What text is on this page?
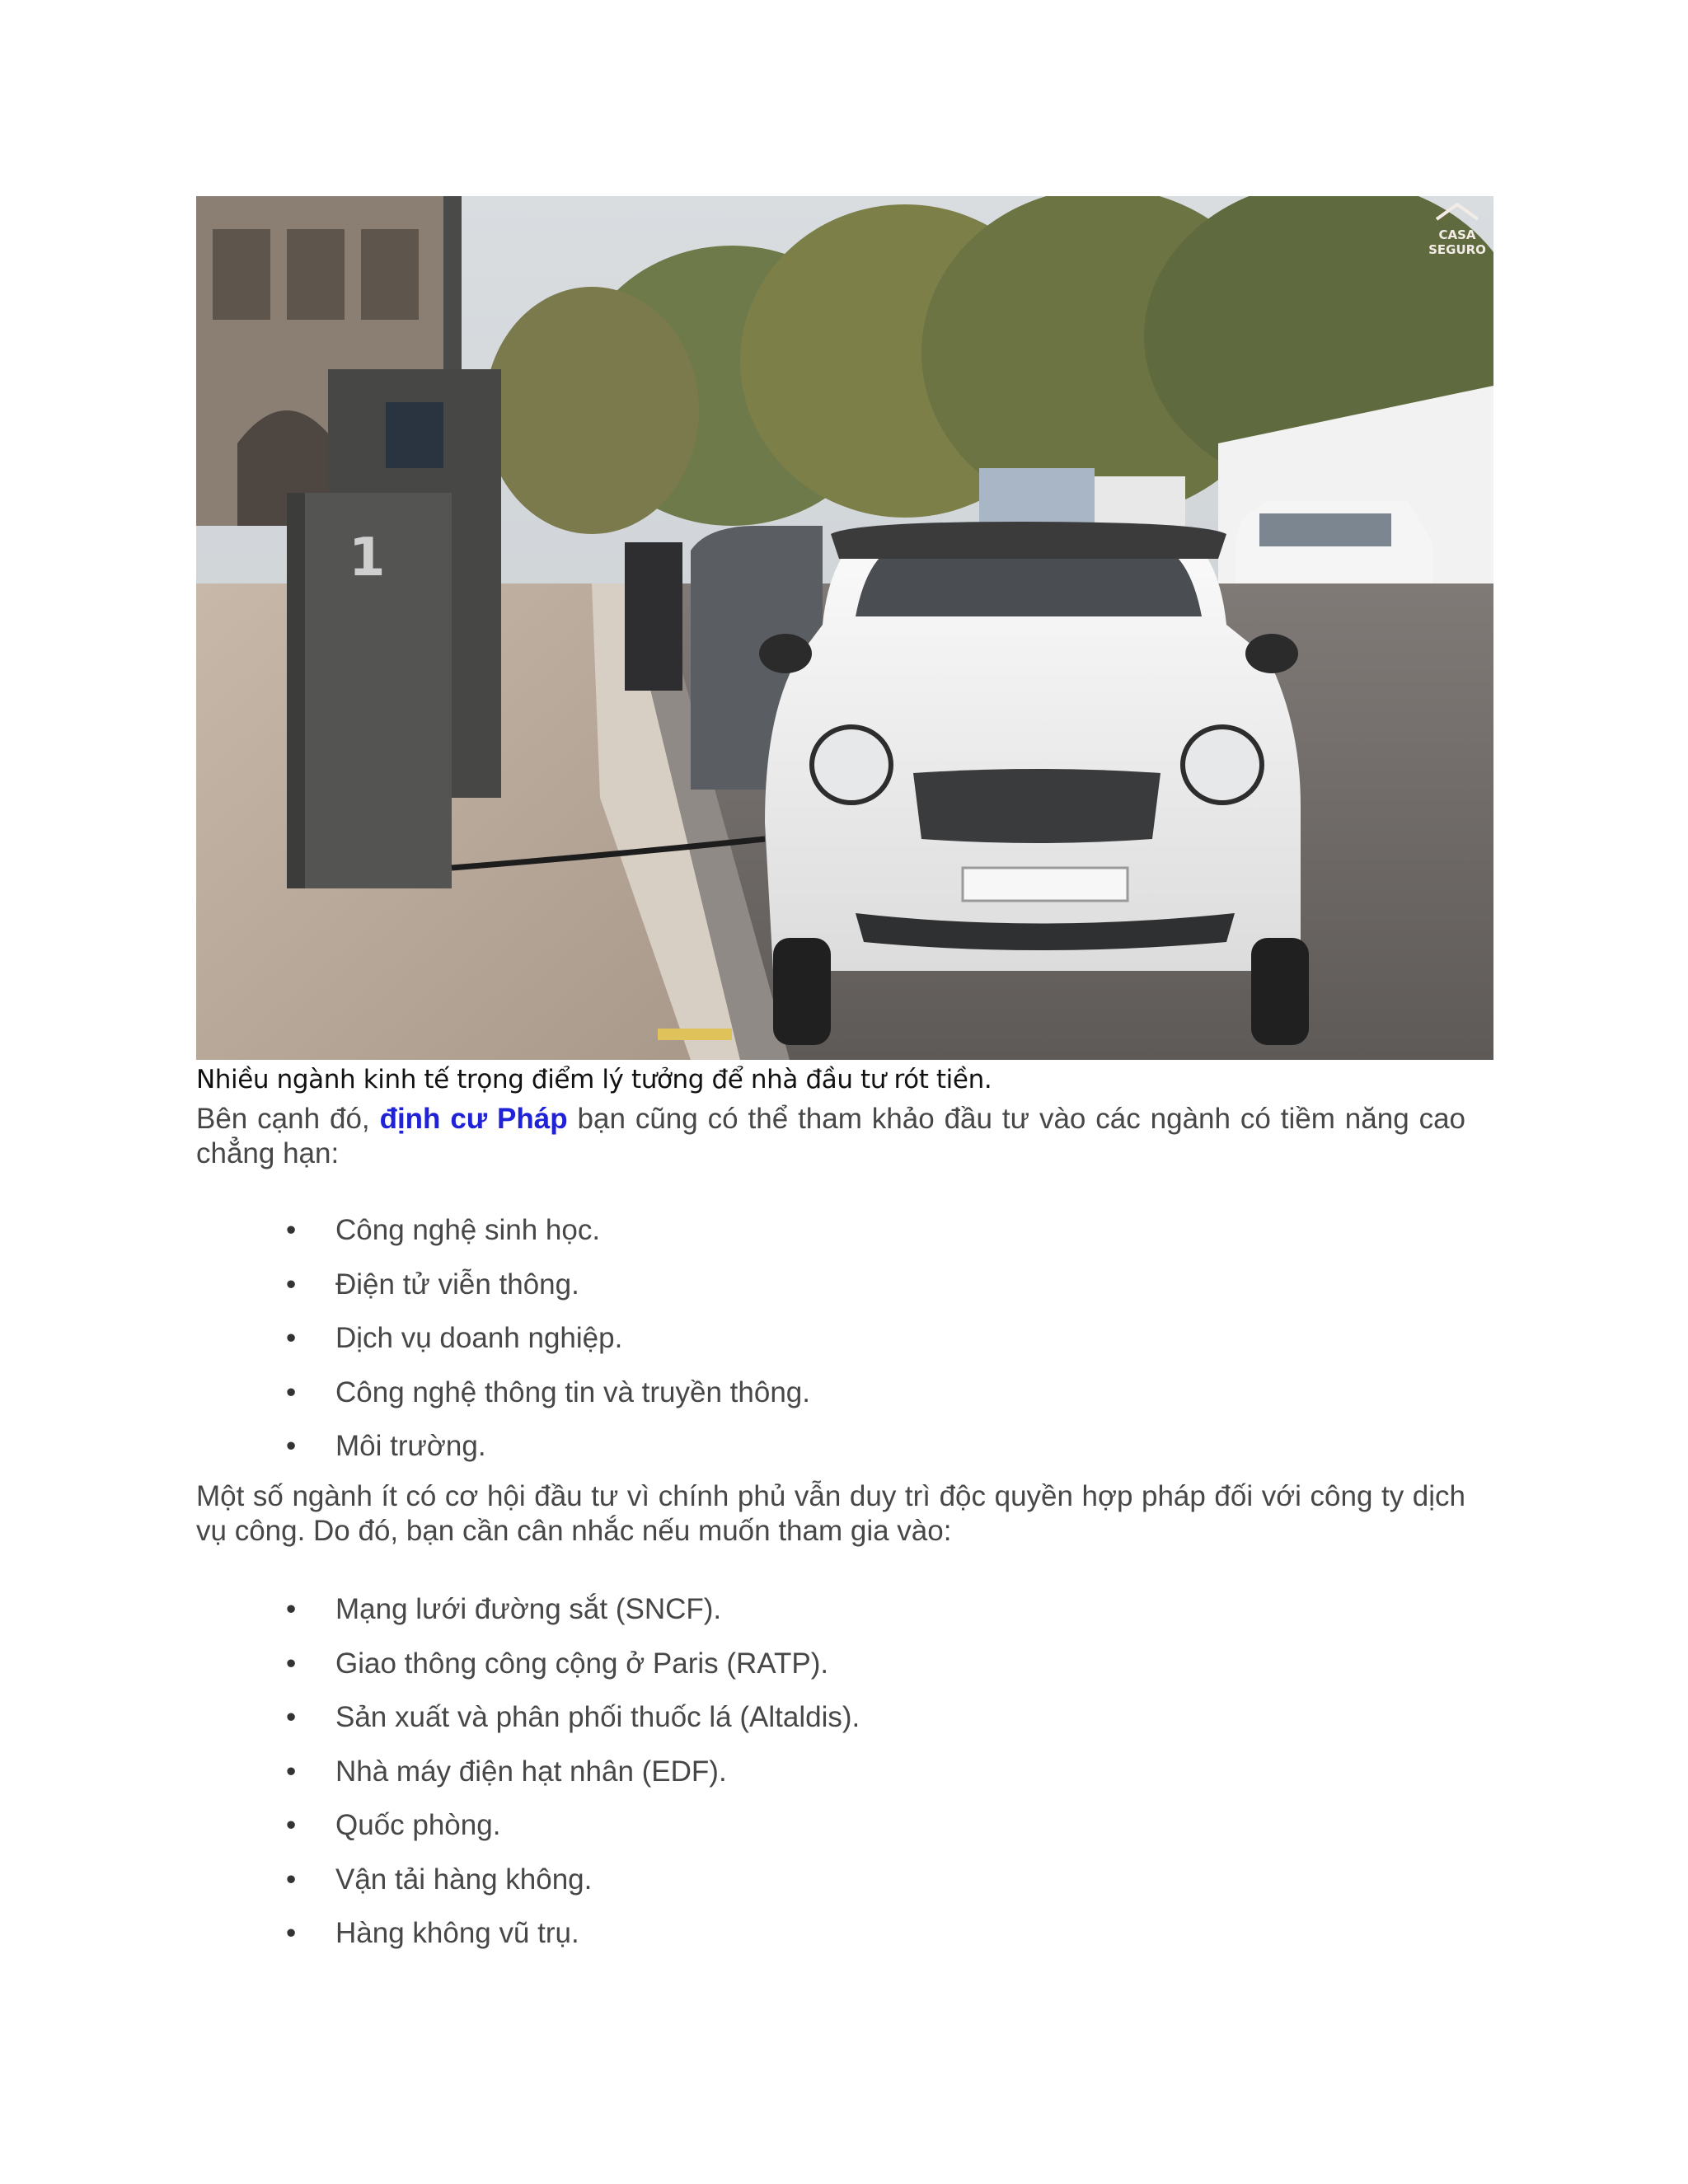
1
CASA
SEGURO
Nhiều ngành kinh tế trọng điểm lý tưởng để nhà đầu tư rót tiền.
Bên cạnh đó, định cư Pháp bạn cũng có thể tham khảo đầu tư vào các ngành có tiềm năng cao chẳng hạn:
• Công nghệ sinh học.
• Điện tử viễn thông.
• Dịch vụ doanh nghiệp.
• Công nghệ thông tin và truyền thông.
• Môi trường.
Một số ngành ít có cơ hội đầu tư vì chính phủ vẫn duy trì độc quyền hợp pháp đối với công ty dịch vụ công. Do đó, bạn cần cân nhắc nếu muốn tham gia vào:
• Mạng lưới đường sắt (SNCF).
• Giao thông công cộng ở Paris (RATP).
• Sản xuất và phân phối thuốc lá (Altaldis).
• Nhà máy điện hạt nhân (EDF).
• Quốc phòng.
• Vận tải hàng không.
• Hàng không vũ trụ.
